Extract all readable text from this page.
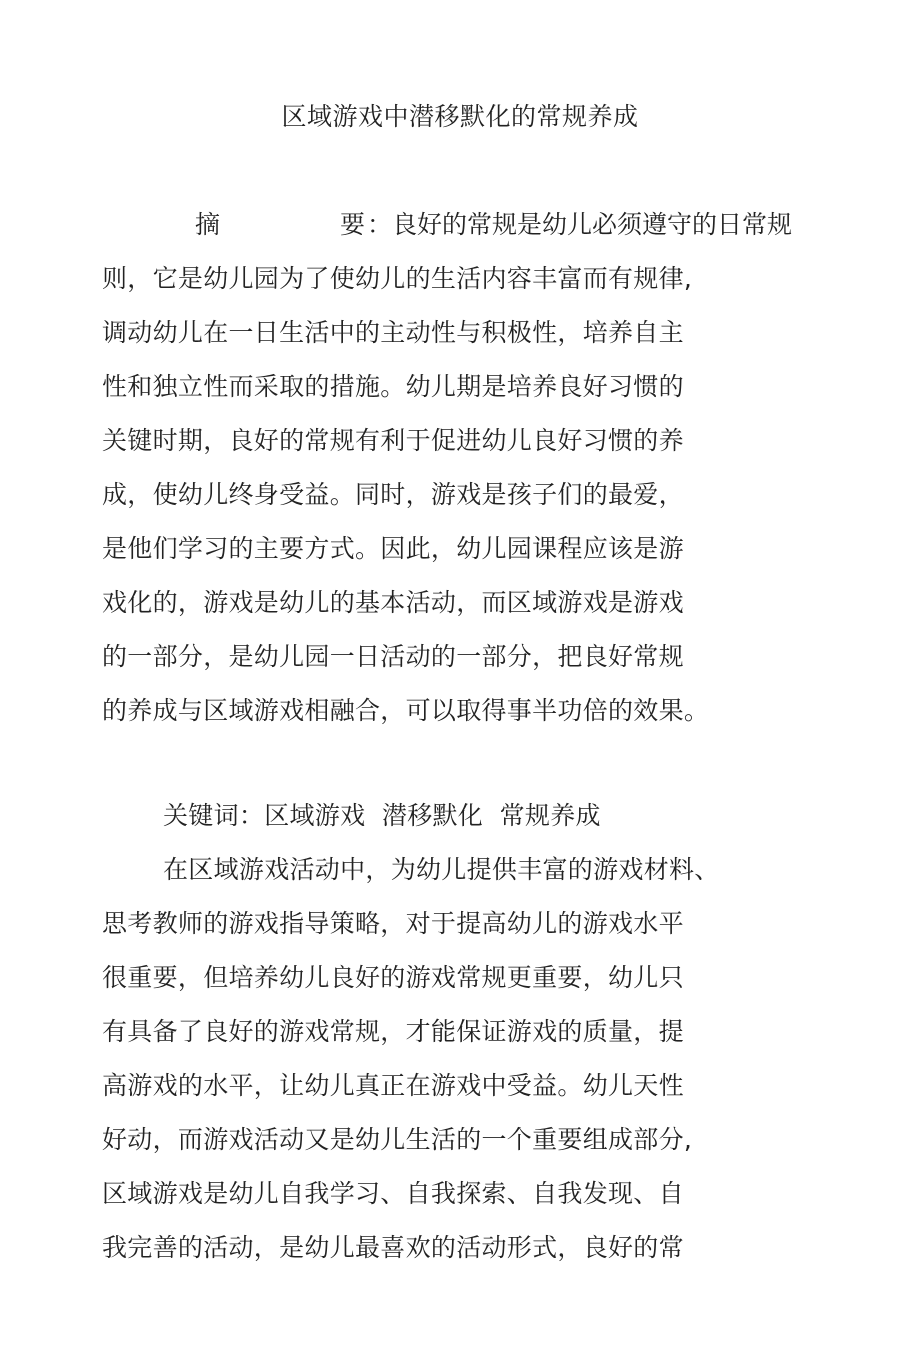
区域游戏中潜移默化的常规养成
摘	要 ：良好的常规是幼儿必须遵守的日常规
则，它是幼儿园为了使幼儿的生活内容丰富而有规律,
调动幼儿在一日生活中的主动性与积极性，培养自主
性和独立性而采取的措施。幼儿期是培养良好习惯的
关键时期，良好的常规有利于促进幼儿良好习惯的养
成，使幼儿终身受益。同时，游戏是孩子们的最爱，
是他们学习的主要方式。因此，幼儿园课程应该是游
戏化的，游戏是幼儿的基本活动，而区域游戏是游戏
的一部分，是幼儿园一日活动的一部分，把良好常规
的养成与区域游戏相融合，可以取得事半功倍的效果。
关键词：区域游戏  潜移默化  常规养成
在区域游戏活动中，为幼儿提供丰富的游戏材料、
思考教师的游戏指导策略，对于提高幼儿的游戏水平
很重要，但培养幼儿良好的游戏常规更重要，幼儿只
有具备了良好的游戏常规，才能保证游戏的质量，提
高游戏的水平，让幼儿真正在游戏中受益。幼儿天性
好动，而游戏活动又是幼儿生活的一个重要组成部分,
区域游戏是幼儿自我学习、自我探索、自我发现、自
我完善的活动，是幼儿最喜欢的活动形式，良好的常
